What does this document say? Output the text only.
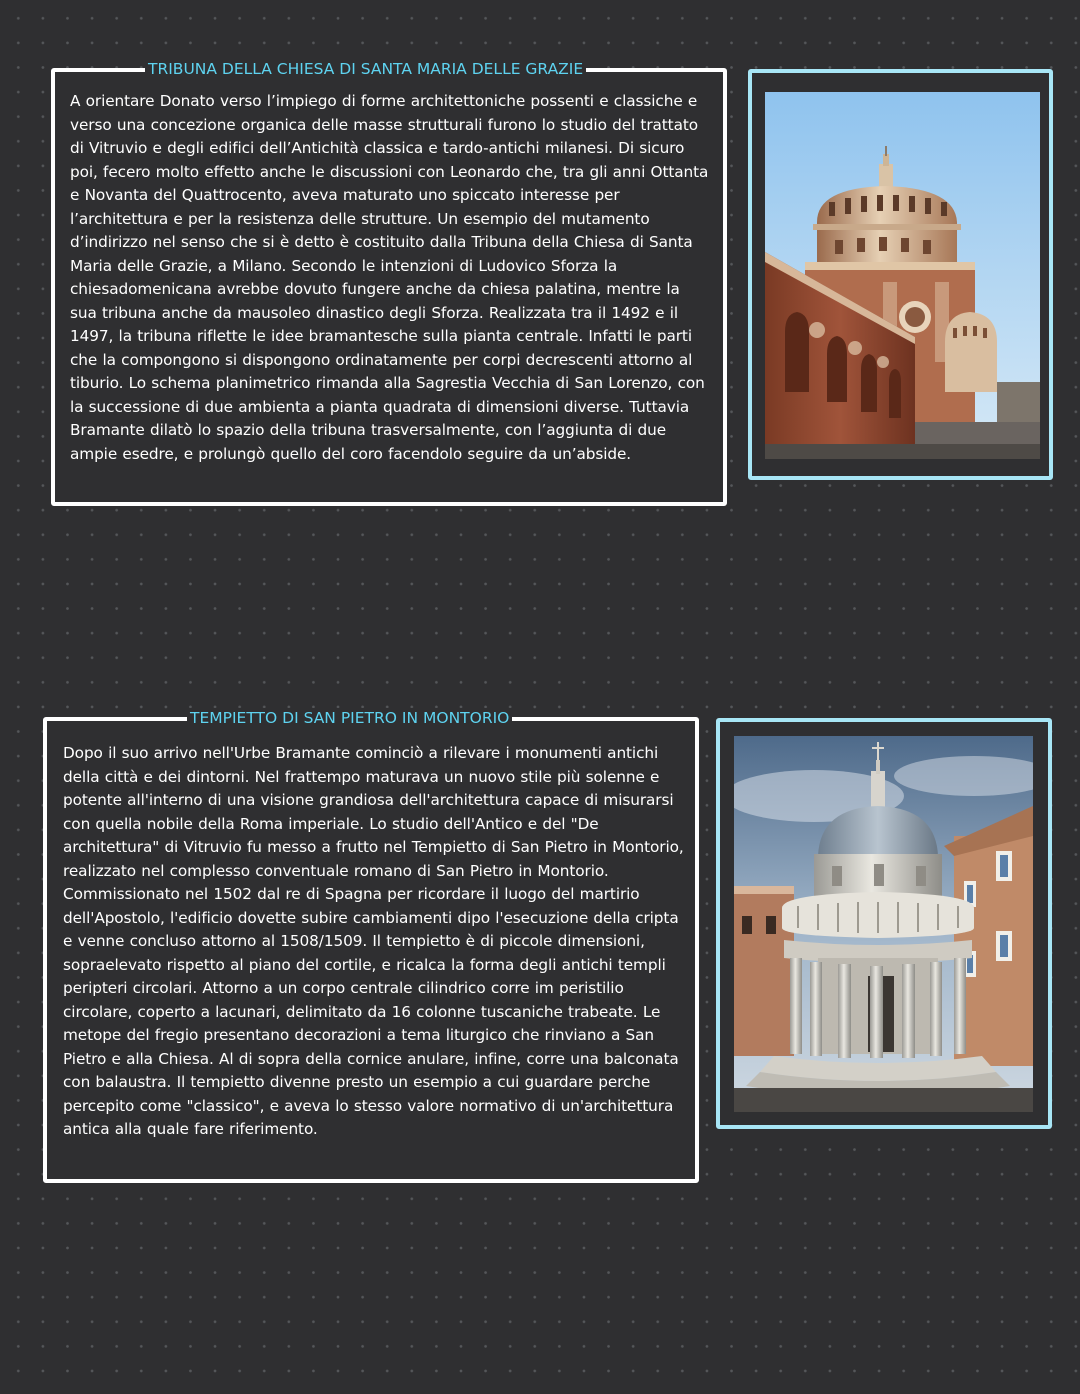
TRIBUNA DELLA CHIESA DI SANTA MARIA DELLE GRAZIE
A orientare Donato verso l’impiego di forme architettoniche possenti e classiche e verso una concezione organica delle masse strutturali furono lo studio del trattato di Vitruvio e degli edifici dell’Antichità classica e tardo-antichi milanesi. Di sicuro poi, fecero molto effetto anche le discussioni con Leonardo che, tra gli anni Ottanta e Novanta del Quattrocento, aveva maturato uno spiccato interesse per l’architettura e per la resistenza delle strutture. Un esempio del mutamento d’indirizzo nel senso che si è detto è costituito dalla Tribuna della Chiesa di Santa Maria delle Grazie, a Milano. Secondo le intenzioni di Ludovico Sforza la chiesadomenicana avrebbe dovuto fungere anche da chiesa palatina, mentre la sua tribuna anche da mausoleo dinastico degli Sforza. Realizzata tra il 1492 e il 1497, la tribuna riflette le idee bramantesche sulla pianta centrale. Infatti le parti che la compongono si dispongono ordinatamente per corpi decrescenti attorno al tiburio. Lo schema planimetrico rimanda alla Sagrestia Vecchia di San Lorenzo, con la successione di due ambienta a pianta quadrata di dimensioni diverse. Tuttavia Bramante dilatò lo spazio della tribuna trasversalmente, con l’aggiunta di due ampie esedre, e prolungò quello del coro facendolo seguire da un’abside.
TEMPIETTO DI SAN PIETRO IN MONTORIO
Dopo il suo arrivo nell'Urbe Bramante cominciò a rilevare i monumenti antichi della città e dei dintorni. Nel frattempo maturava un nuovo stile più solenne e potente all'interno di una visione grandiosa dell'architettura capace di misurarsi con quella nobile della Roma imperiale. Lo studio dell'Antico e del "De architettura" di Vitruvio fu messo a frutto nel Tempietto di San Pietro in Montorio, realizzato nel complesso conventuale romano di San Pietro in Montorio. Commissionato nel 1502 dal re di Spagna per ricordare il luogo del martirio dell'Apostolo, l'edificio dovette subire cambiamenti dipo l'esecuzione della cripta e venne concluso attorno al 1508/1509. Il tempietto è di piccole dimensioni, sopraelevato rispetto al piano del cortile, e ricalca la forma degli antichi templi peripteri circolari. Attorno a un corpo centrale cilindrico corre im peristilio circolare, coperto a lacunari, delimitato da 16 colonne tuscaniche trabeate. Le metope del fregio presentano decorazioni a tema liturgico che rinviano a San Pietro e alla Chiesa. Al di sopra della cornice anulare, infine, corre una balconata con balaustra. Il tempietto divenne presto un esempio a cui guardare perche percepito come "classico", e aveva lo stesso valore normativo di un'architettura antica alla quale fare riferimento.
